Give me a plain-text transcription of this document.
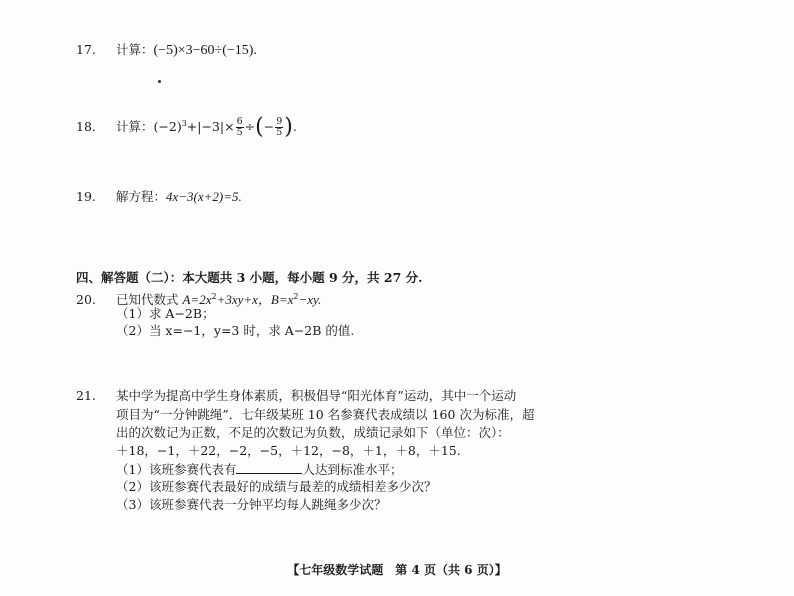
17. 计算：(−5)×3−60÷(−15).
18. 计算：$(-2)^3+|-3|\times \frac{6}{5}$ ÷(− $\frac{9}{5}$ ).
19. 解方程：4x−3(x+2)=5.
四、解答题（二）：本大题共 3 小题，每小题 9 分，共 27 分.
20. 已知代数式 $A=2x^2+3xy+x$，$B=x^2-xy$.
（1）求 A−2B；
（2）当 x=−1，y=3 时，求 A−2B 的值.
21. 某中学为提高中学生身体素质，积极倡导“阳光体育”运动，其中一个运动
项目为“一分钟跳绳”．七年级某班 10 名参赛代表成绩以 160 次为标准，超
出的次数记为正数，不足的次数记为负数，成绩记录如下（单位：次）：
＋18，−1，＋22，−2，−5，＋12，−8，＋1，＋8，＋15.
（1）该班参赛代表有	人达到标准水平；
（2）该班参赛代表最好的成绩与最差的成绩相差多少次？
（3）该班参赛代表一分钟平均每人跳绳多少次？
【七年级数学试题　第 4 页（共 6 页）】
